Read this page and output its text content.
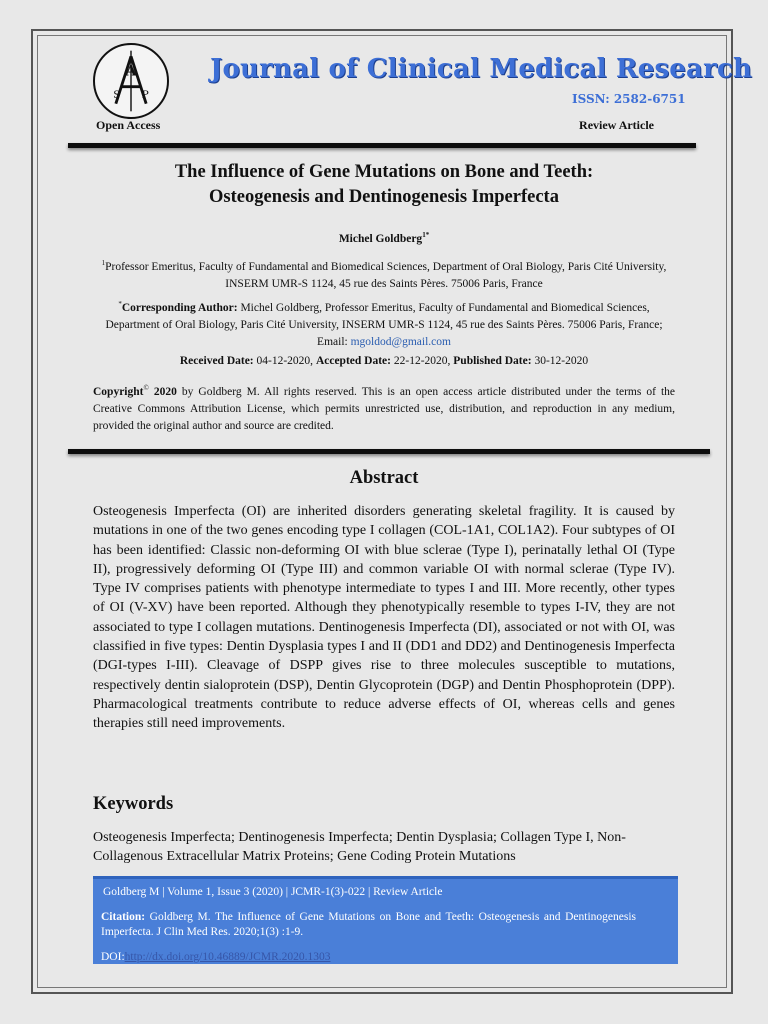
A
S P
Journal of Clinical Medical Research
ISSN: 2582-6751
Open Access	Review Article
The Influence of Gene Mutations on Bone and Teeth:
Osteogenesis and Dentinogenesis Imperfecta
Michel Goldberg$^{1*}$
$^1$Professor Emeritus, Faculty of Fundamental and Biomedical Sciences, Department of Oral Biology, Paris Cité University, INSERM UMR-S 1124, 45 rue des Saints Pères. 75006 Paris, France
*Corresponding Author: Michel Goldberg, Professor Emeritus, Faculty of Fundamental and Biomedical Sciences, Department of Oral Biology, Paris Cité University, INSERM UMR-S 1124, 45 rue des Saints Pères. 75006 Paris, France; Email: mgoldod@gmail.com
Received Date: 04-12-2020, Accepted Date: 22-12-2020, Published Date: 30-12-2020
Copyright© 2020 by Goldberg M. All rights reserved. This is an open access article distributed under the terms of the Creative Commons Attribution License, which permits unrestricted use, distribution, and reproduction in any medium, provided the original author and source are credited.
Abstract
Osteogenesis Imperfecta (OI) are inherited disorders generating skeletal fragility. It is caused by mutations in one of the two genes encoding type I collagen (COL-1A1, COL1A2). Four subtypes of OI has been identified: Classic non-deforming OI with blue sclerae (Type I), perinatally lethal OI (Type II), progressively deforming OI (Type III) and common variable OI with normal sclerae (Type IV). Type IV comprises patients with phenotype intermediate to types I and III. More recently, other types of OI (V-XV) have been reported. Although they phenotypically resemble to types I-IV, they are not associated to type I collagen mutations. Dentinogenesis Imperfecta (DI), associated or not with OI, was classified in five types: Dentin Dysplasia types I and II (DD1 and DD2) and Dentinogenesis Imperfecta (DGI-types I-III). Cleavage of DSPP gives rise to three molecules susceptible to mutations, respectively dentin sialoprotein (DSP), Dentin Glycoprotein (DGP) and Dentin Phosphoprotein (DPP). Pharmacological treatments contribute to reduce adverse effects of OI, whereas cells and genes therapies still need improvements.
Keywords
Osteogenesis Imperfecta; Dentinogenesis Imperfecta; Dentin Dysplasia; Collagen Type I, Non-Collagenous Extracellular Matrix Proteins; Gene Coding Protein Mutations
Goldberg M | Volume 1, Issue 3 (2020) | JCMR-1(3)-022 | Review Article
Citation: Goldberg M. The Influence of Gene Mutations on Bone and Teeth: Osteogenesis and Dentinogenesis Imperfecta. J Clin Med Res. 2020;1(3) :1-9.
DOI:http://dx.doi.org/10.46889/JCMR.2020.1303
